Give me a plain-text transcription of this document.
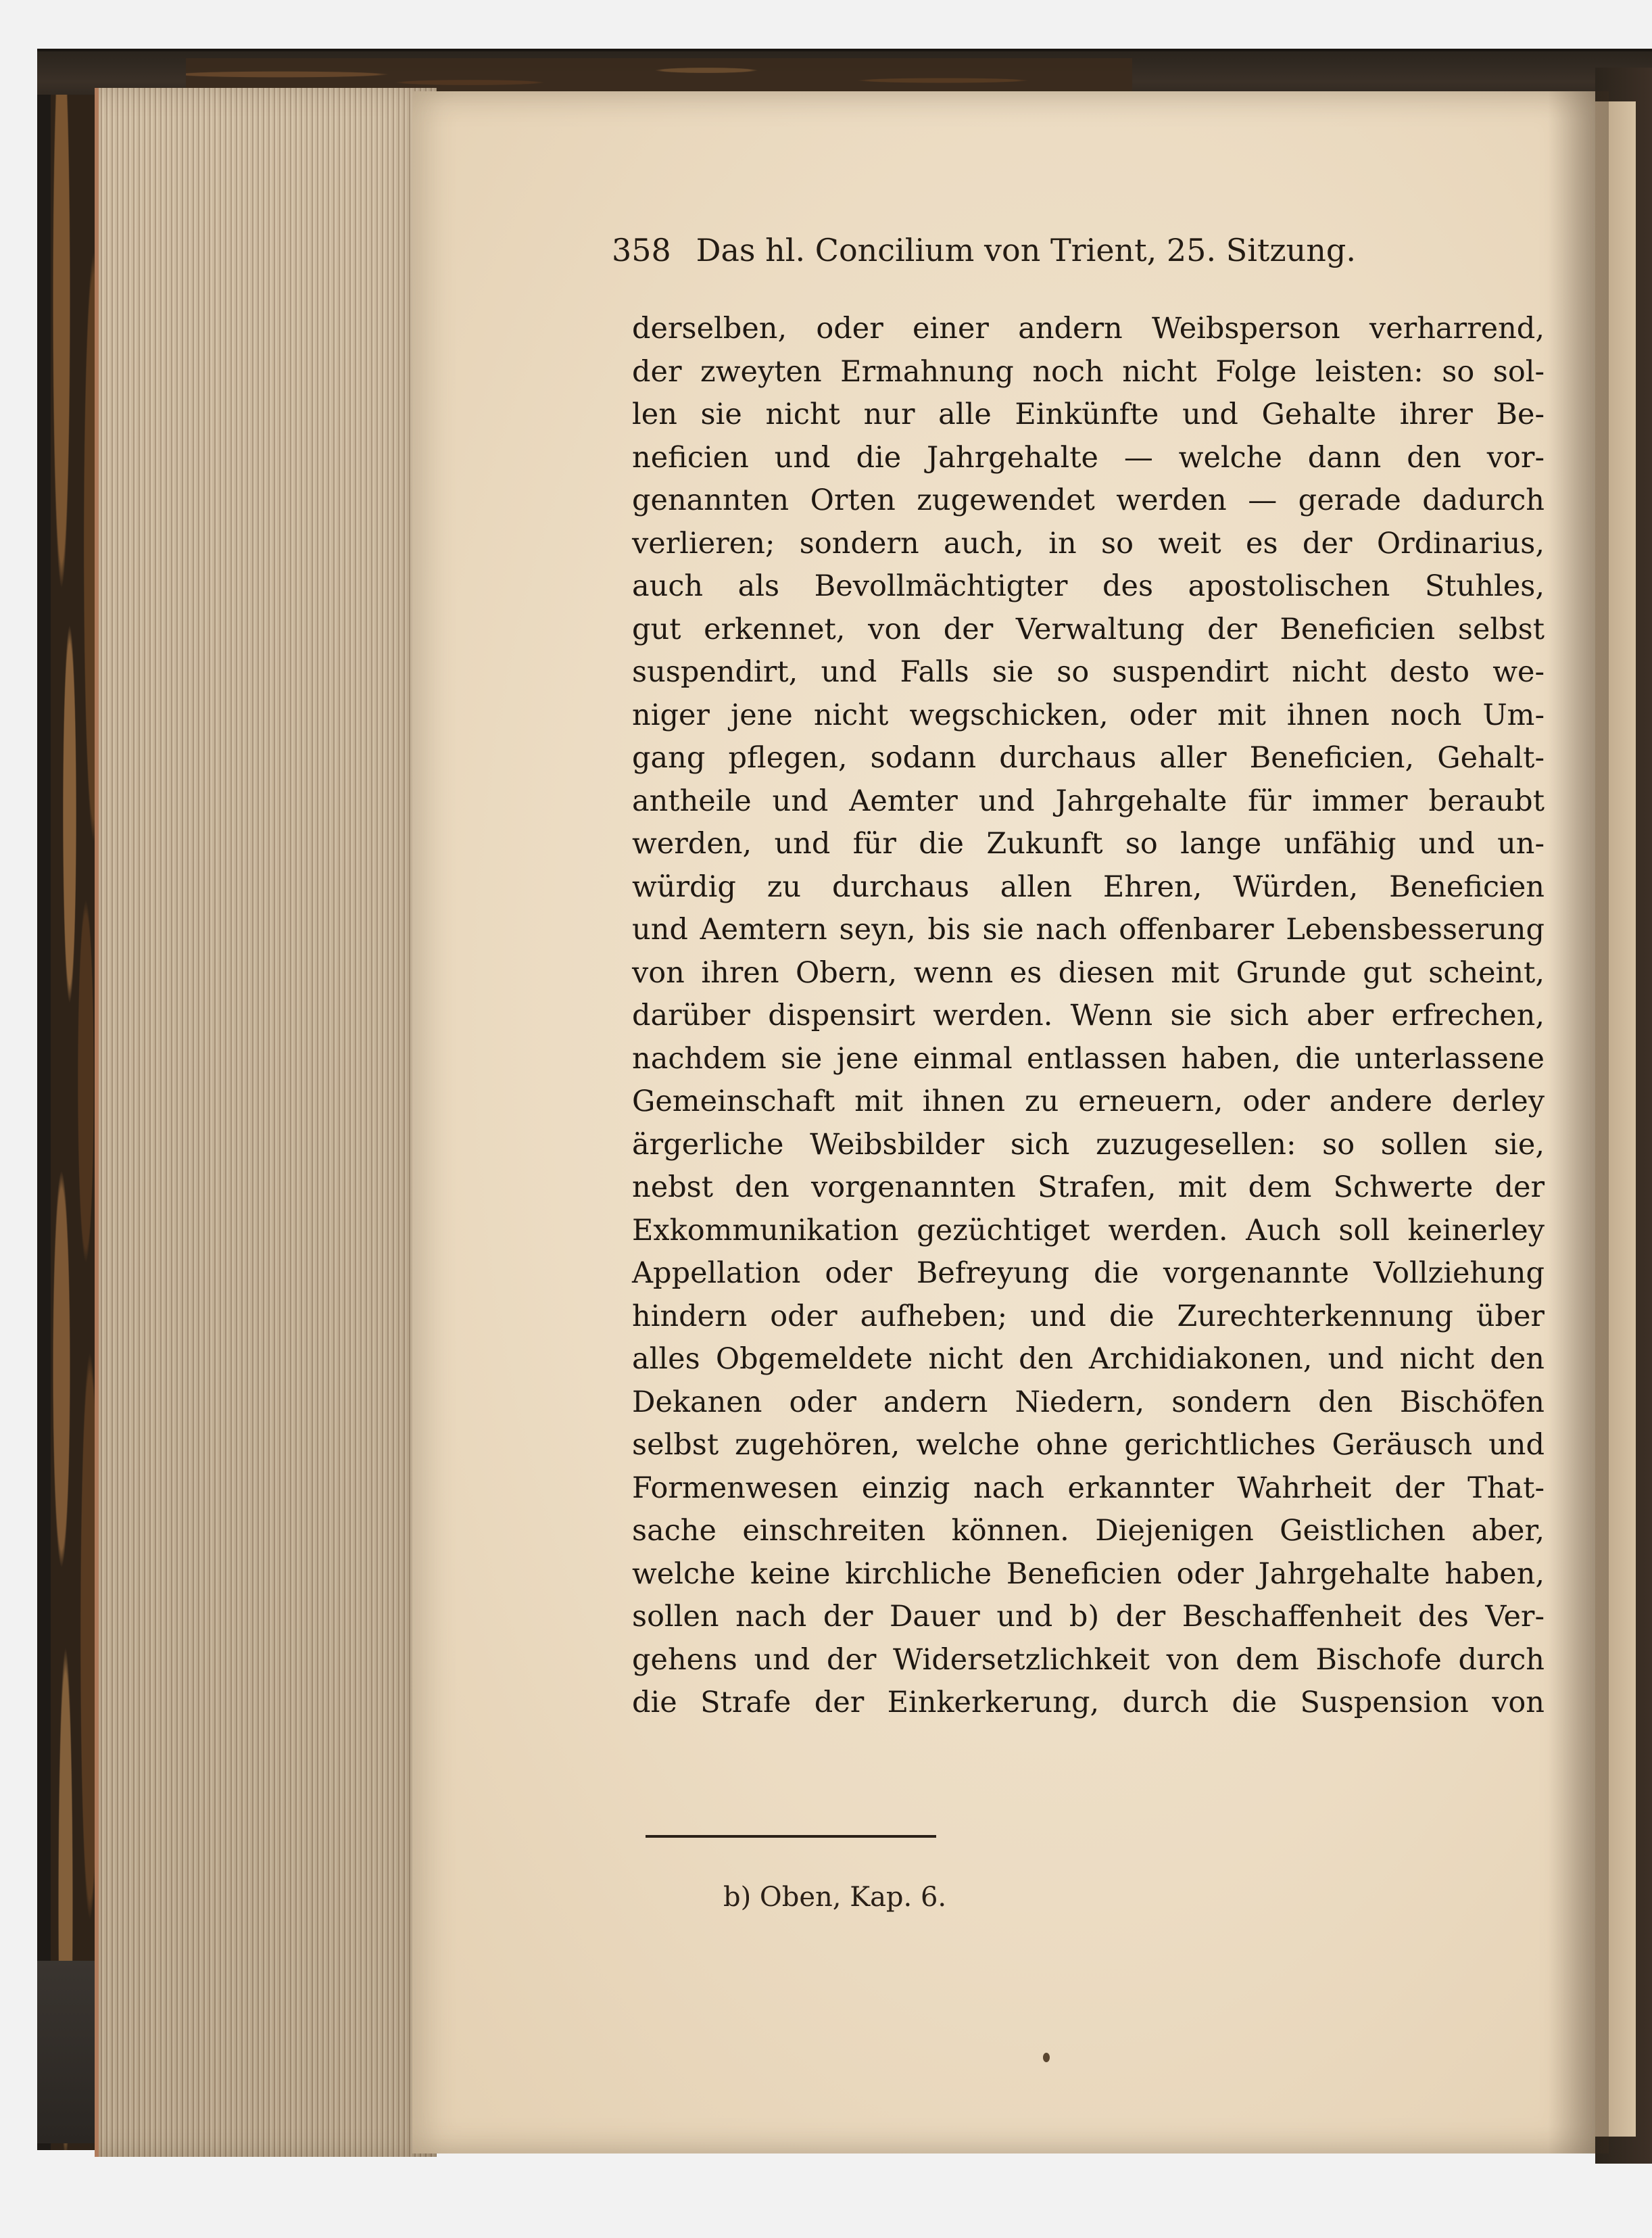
358 Das hl. Concilium von Trient, 25. Sitzung.
derselben, oder einer andern Weibsperson verharrend,
der zweyten Ermahnung noch nicht Folge leisten: so sol-
len sie nicht nur alle Einkünfte und Gehalte ihrer Be-
neficien und die Jahrgehalte — welche dann den vor-
genannten Orten zugewendet werden — gerade dadurch
verlieren; sondern auch, in so weit es der Ordinarius,
auch als Bevollmächtigter des apostolischen Stuhles,
gut erkennet, von der Verwaltung der Beneficien selbst
suspendirt, und Falls sie so suspendirt nicht desto we-
niger jene nicht wegschicken, oder mit ihnen noch Um-
gang pflegen, sodann durchaus aller Beneficien, Gehalt-
antheile und Aemter und Jahrgehalte für immer beraubt
werden, und für die Zukunft so lange unfähig und un-
würdig zu durchaus allen Ehren, Würden, Beneficien
und Aemtern seyn, bis sie nach offenbarer Lebensbesserung
von ihren Obern, wenn es diesen mit Grunde gut scheint,
darüber dispensirt werden. Wenn sie sich aber erfrechen,
nachdem sie jene einmal entlassen haben, die unterlassene
Gemeinschaft mit ihnen zu erneuern, oder andere derley
ärgerliche Weibsbilder sich zuzugesellen: so sollen sie,
nebst den vorgenannten Strafen, mit dem Schwerte der
Exkommunikation gezüchtiget werden. Auch soll keinerley
Appellation oder Befreyung die vorgenannte Vollziehung
hindern oder aufheben; und die Zurechterkennung über
alles Obgemeldete nicht den Archidiakonen, und nicht den
Dekanen oder andern Niedern, sondern den Bischöfen
selbst zugehören, welche ohne gerichtliches Geräusch und
Formenwesen einzig nach erkannter Wahrheit der That-
sache einschreiten können. Diejenigen Geistlichen aber,
welche keine kirchliche Beneficien oder Jahrgehalte haben,
sollen nach der Dauer und b) der Beschaffenheit des Ver-
gehens und der Widersetzlichkeit von dem Bischofe durch
die Strafe der Einkerkerung, durch die Suspension von
b) Oben, Kap. 6.
